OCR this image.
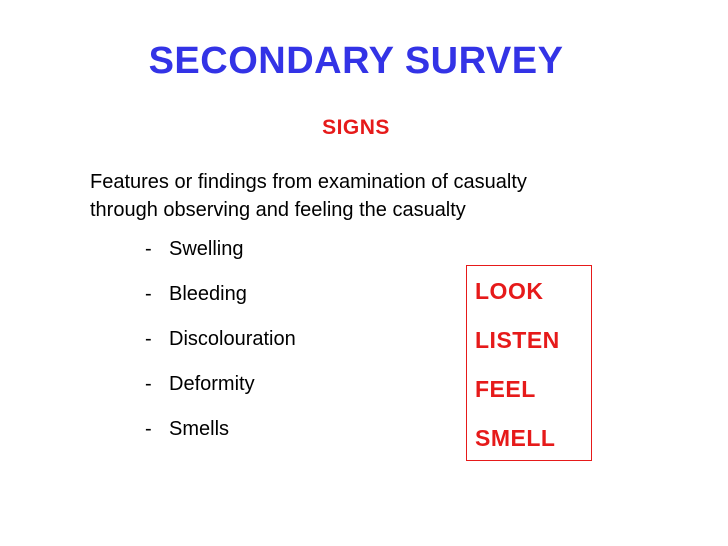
SECONDARY SURVEY
SIGNS
Features or findings from examination of casualty
through observing and feeling the casualty
- Swelling
- Bleeding
- Discolouration
- Deformity
- Smells
LOOK
LISTEN
FEEL
SMELL
